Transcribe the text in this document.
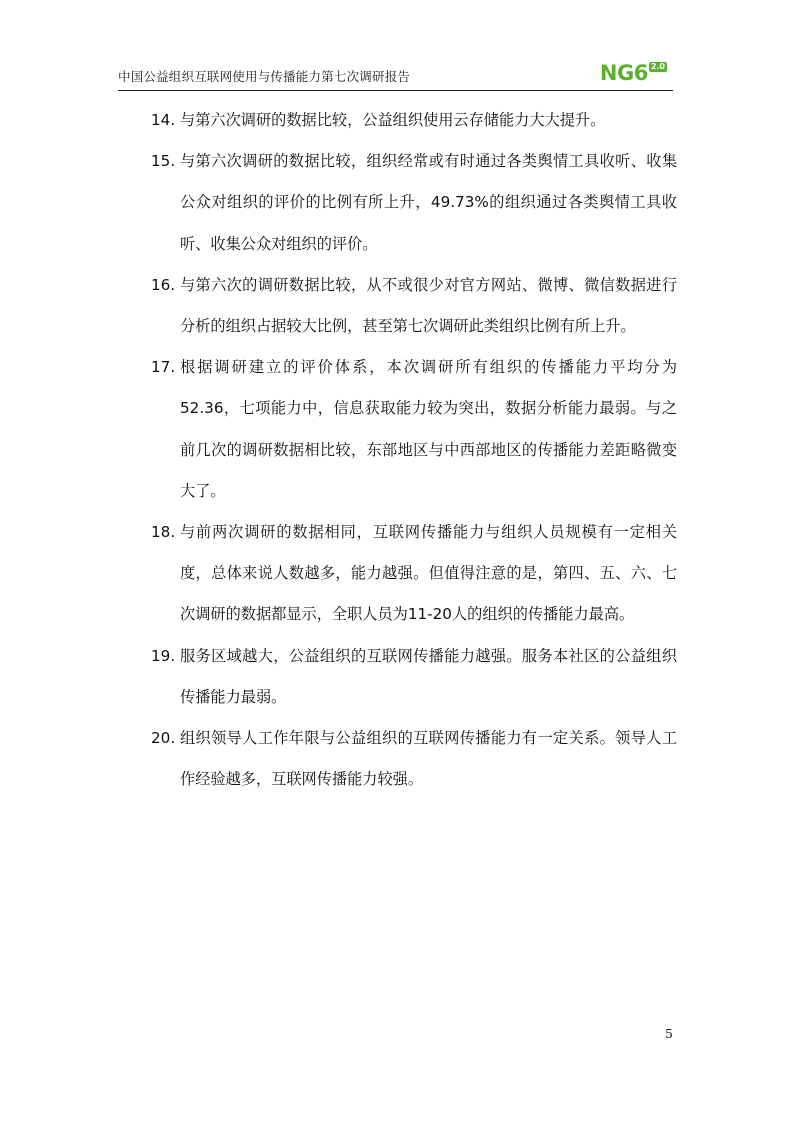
中国公益组织互联网使用与传播能力第七次调研报告	NG6 2.0
14. 与第六次调研的数据比较，公益组织使用云存储能力大大提升。
15. 与第六次调研的数据比较，组织经常或有时通过各类舆情工具收听、收集公众对组织的评价的比例有所上升，49.73%的组织通过各类舆情工具收听、收集公众对组织的评价。
16. 与第六次的调研数据比较，从不或很少对官方网站、微博、微信数据进行分析的组织占据较大比例，甚至第七次调研此类组织比例有所上升。
17. 根据调研建立的评价体系，本次调研所有组织的传播能力平均分为52.36，七项能力中，信息获取能力较为突出，数据分析能力最弱。与之前几次的调研数据相比较，东部地区与中西部地区的传播能力差距略微变大了。
18. 与前两次调研的数据相同，互联网传播能力与组织人员规模有一定相关度，总体来说人数越多，能力越强。但值得注意的是，第四、五、六、七次调研的数据都显示，全职人员为11-20人的组织的传播能力最高。
19. 服务区域越大，公益组织的互联网传播能力越强。服务本社区的公益组织传播能力最弱。
20. 组织领导人工作年限与公益组织的互联网传播能力有一定关系。领导人工作经验越多，互联网传播能力较强。
5
